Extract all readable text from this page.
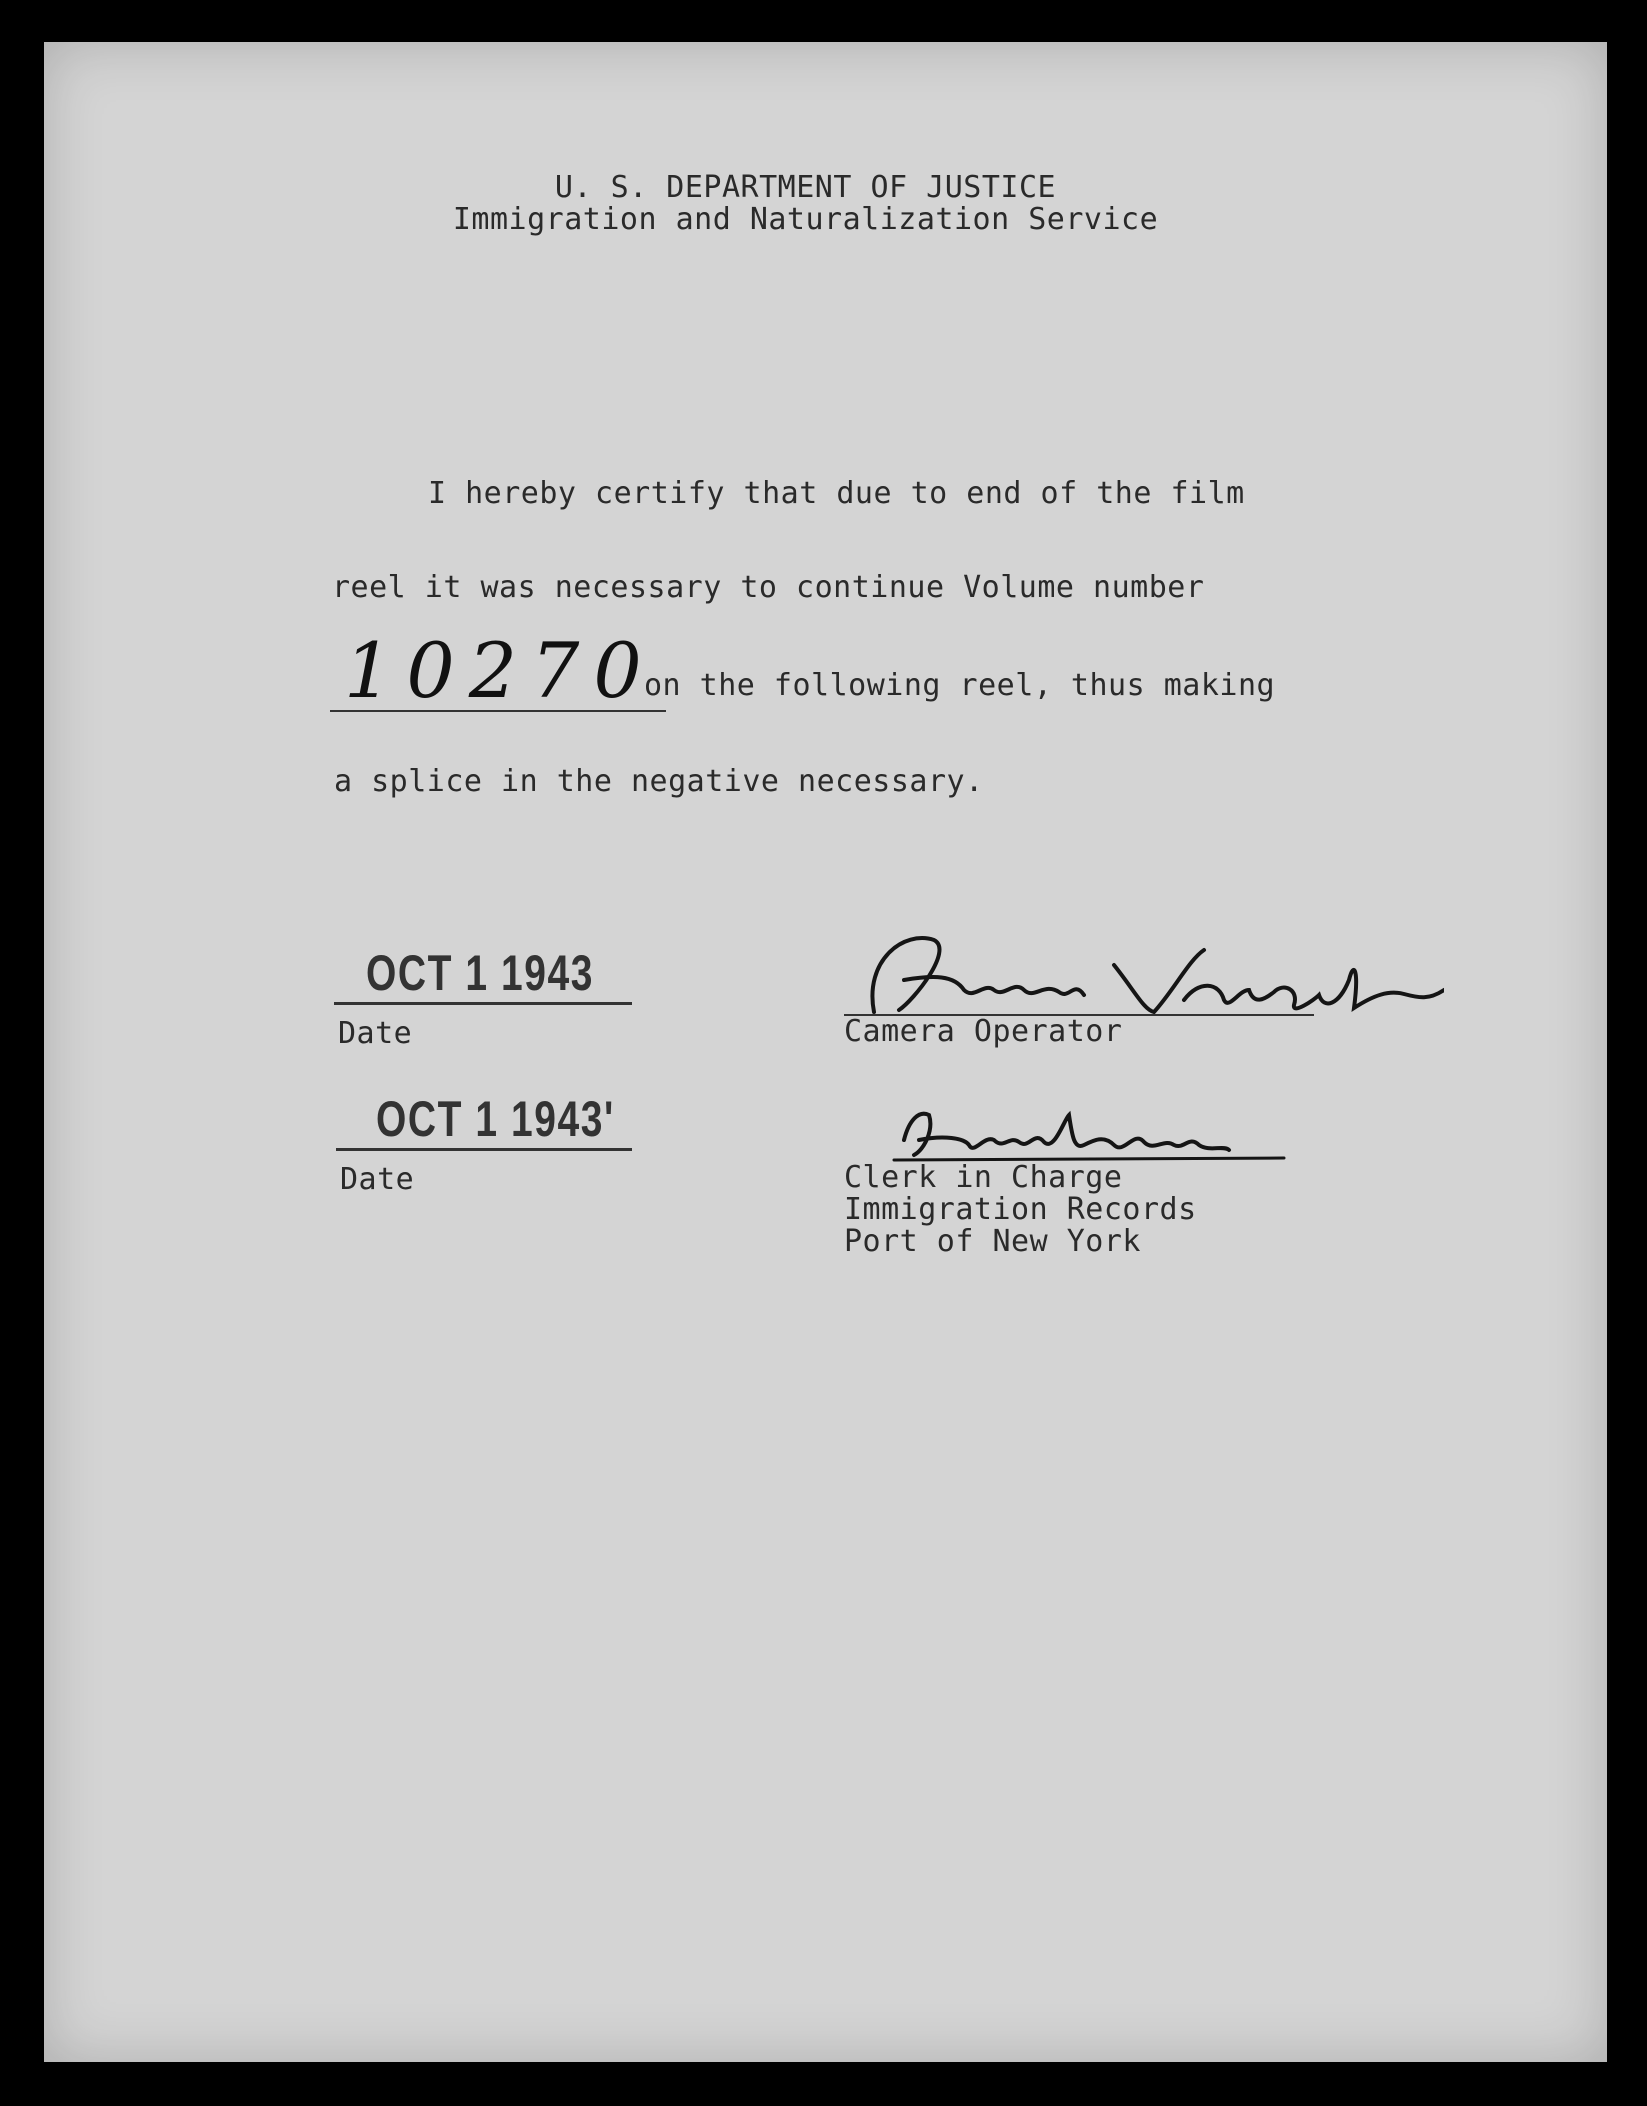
U. S. DEPARTMENT OF JUSTICE
Immigration and Naturalization Service
I hereby certify that due to end of the film
reel it was necessary to continue Volume number
10270
on the following reel, thus making
a splice in the negative necessary.
OCT 1 1943
Date	Camera Operator
OCT 1 1943'
Date	Clerk in Charge
Immigration Records
Port of New York
